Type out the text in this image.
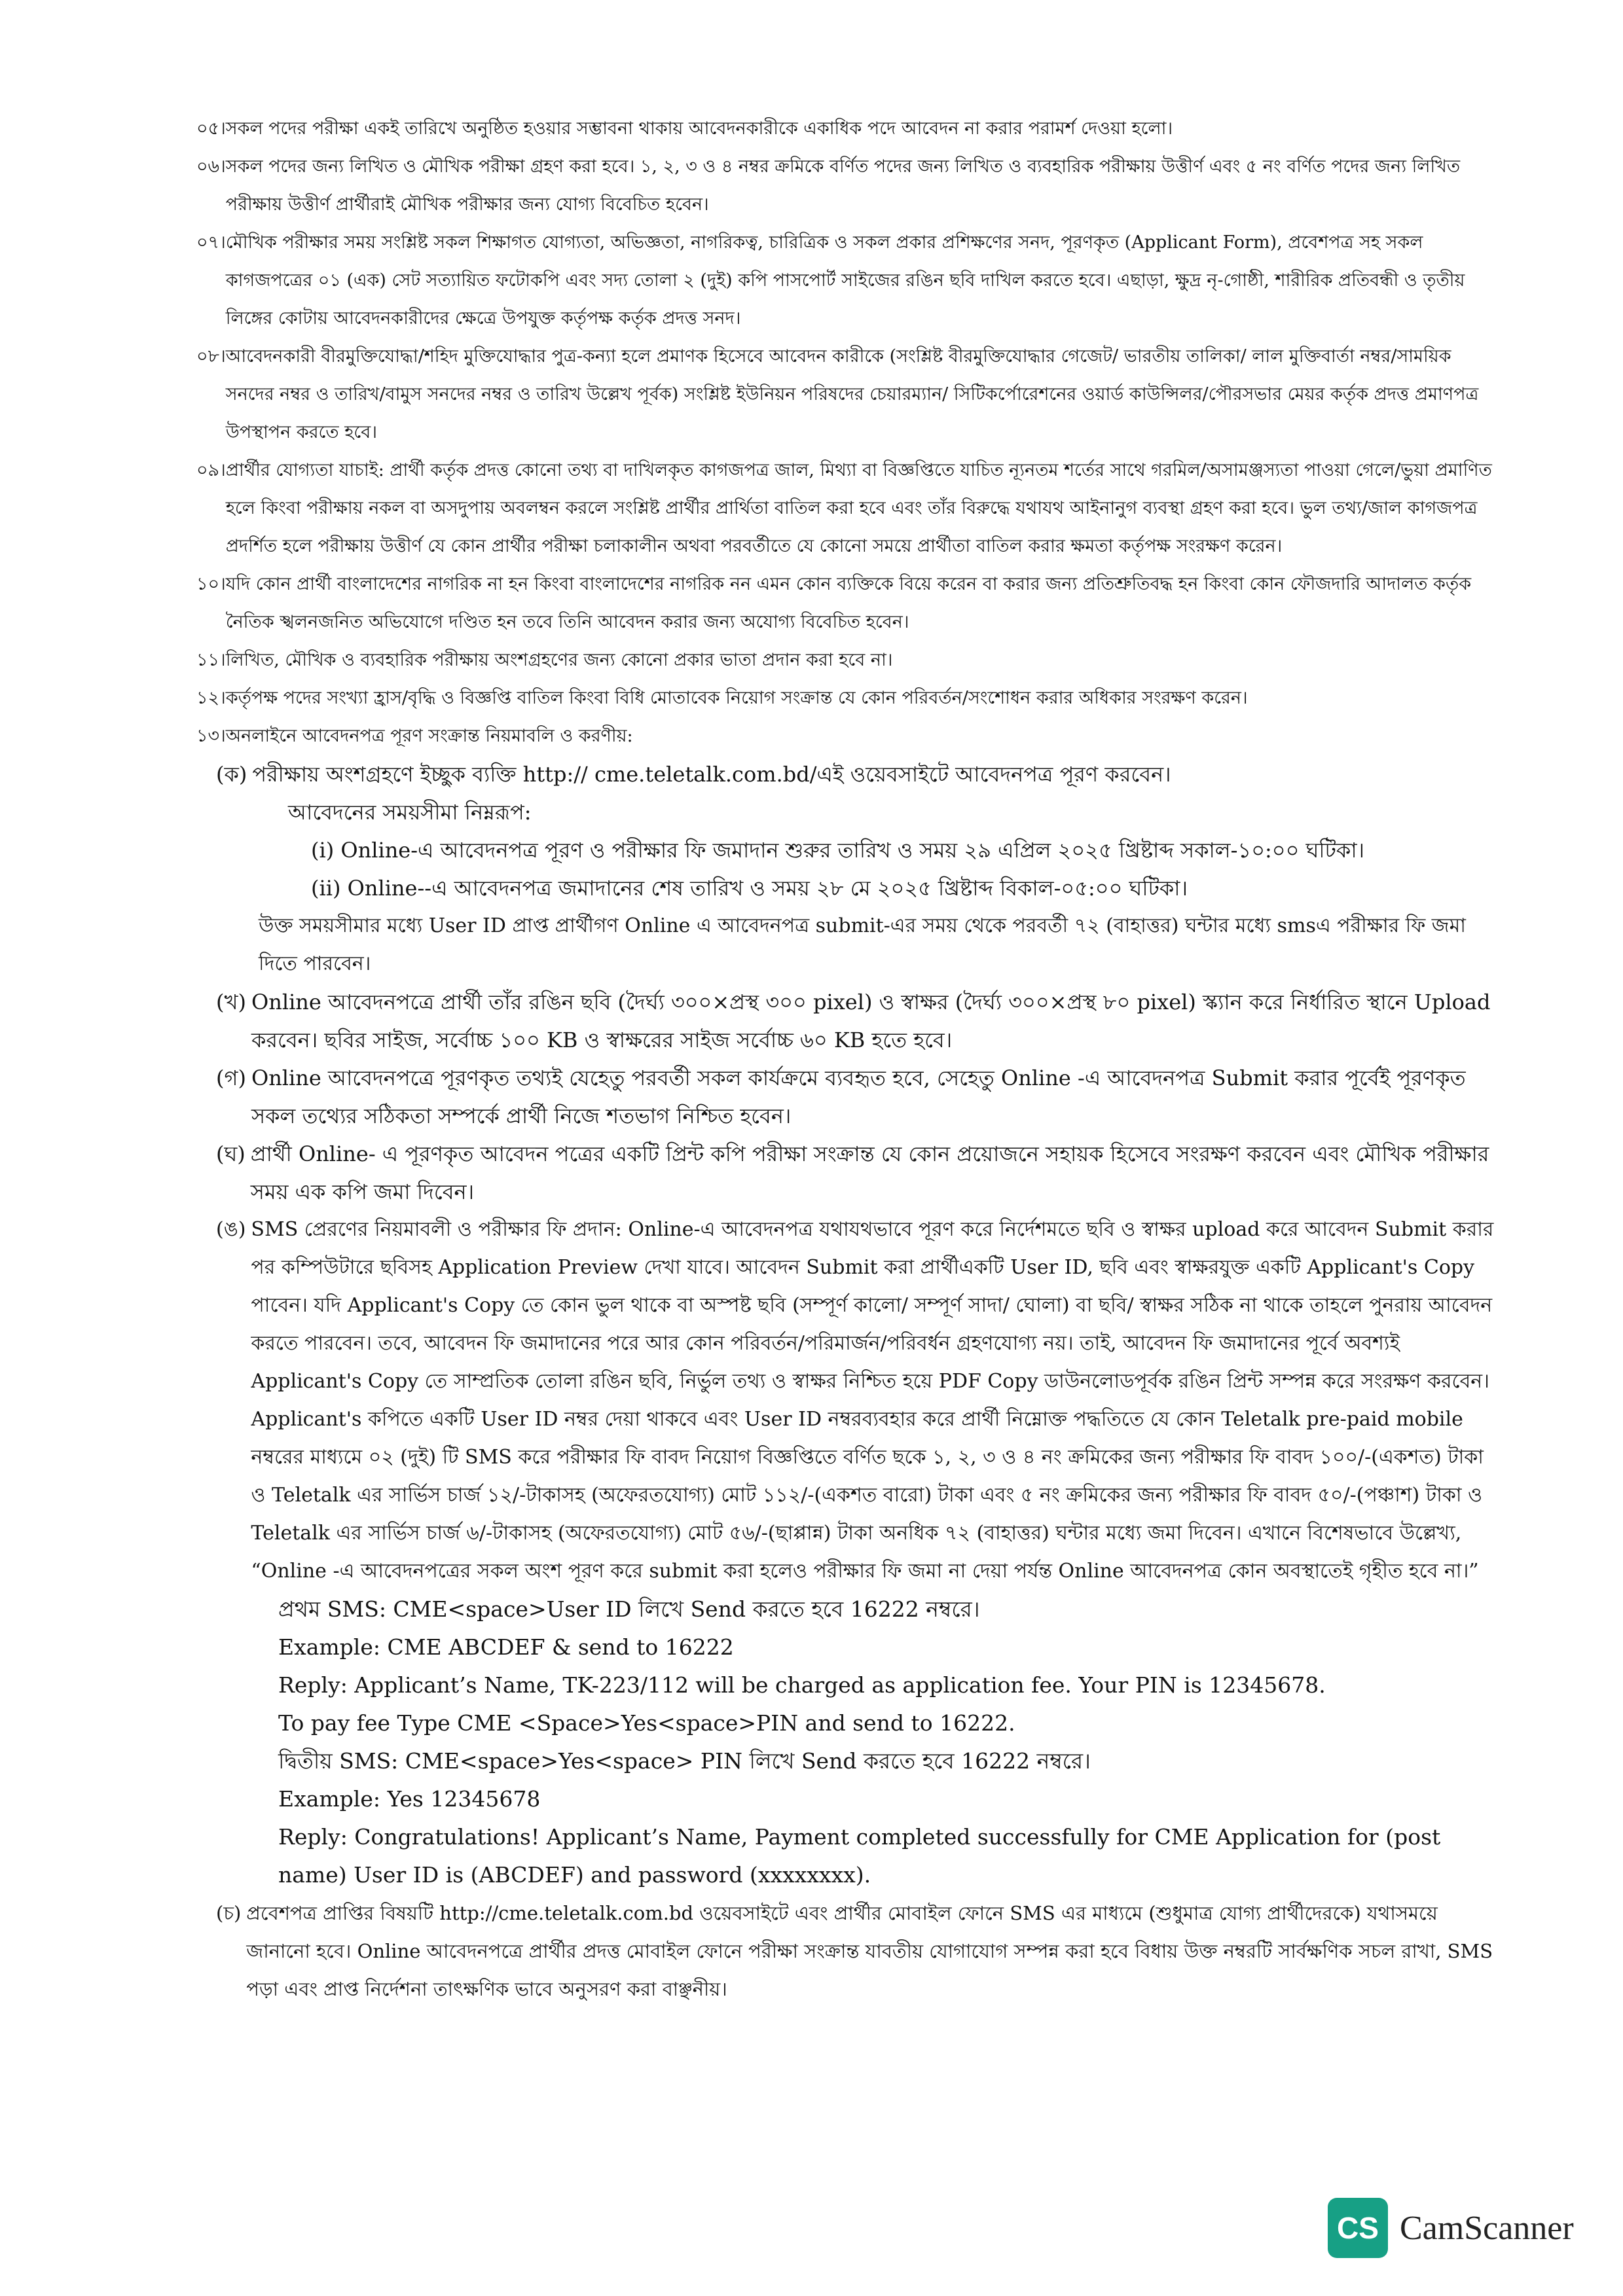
০৫। সকল পদের পরীক্ষা একই তারিখে অনুষ্ঠিত হওয়ার সম্ভাবনা থাকায় আবেদনকারীকে একাধিক পদে আবেদন না করার পরামর্শ দেওয়া হলো।
০৬। সকল পদের জন্য লিখিত ও মৌখিক পরীক্ষা গ্রহণ করা হবে। ১, ২, ৩ ও ৪ নম্বর ক্রমিকে বর্ণিত পদের জন্য লিখিত ও ব্যবহারিক পরীক্ষায় উত্তীর্ণ এবং ৫ নং বর্ণিত পদের জন্য লিখিত পরীক্ষায় উত্তীর্ণ প্রার্থীরাই মৌখিক পরীক্ষার জন্য যোগ্য বিবেচিত হবেন।
০৭। মৌখিক পরীক্ষার সময় সংশ্লিষ্ট সকল শিক্ষাগত যোগ্যতা, অভিজ্ঞতা, নাগরিকত্ব, চারিত্রিক ও সকল প্রকার প্রশিক্ষণের সনদ, পূরণকৃত (Applicant Form), প্রবেশপত্র সহ সকল কাগজপত্রের ০১ (এক) সেট সত্যায়িত ফটোকপি এবং সদ্য তোলা ২ (দুই) কপি পাসপোর্ট সাইজের রঙিন ছবি দাখিল করতে হবে। এছাড়া, ক্ষুদ্র নৃ-গোষ্ঠী, শারীরিক প্রতিবন্ধী ও তৃতীয় লিঙ্গের কোটায় আবেদনকারীদের ক্ষেত্রে উপযুক্ত কর্তৃপক্ষ কর্তৃক প্রদত্ত সনদ।
০৮। আবেদনকারী বীরমুক্তিযোদ্ধা/শহিদ মুক্তিযোদ্ধার পুত্র-কন্যা হলে প্রমাণক হিসেবে আবেদন কারীকে (সংশ্লিষ্ট বীরমুক্তিযোদ্ধার গেজেট/ ভারতীয় তালিকা/ লাল মুক্তিবার্তা নম্বর/সাময়িক সনদের নম্বর ও তারিখ/বামুস সনদের নম্বর ও তারিখ উল্লেখ পূর্বক) সংশ্লিষ্ট ইউনিয়ন পরিষদের চেয়ারম্যান/ সিটিকর্পোরেশনের ওয়ার্ড কাউন্সিলর/পৌরসভার মেয়র কর্তৃক প্রদত্ত প্রমাণপত্র উপস্থাপন করতে হবে।
০৯। প্রার্থীর যোগ্যতা যাচাই: প্রার্থী কর্তৃক প্রদত্ত কোনো তথ্য বা দাখিলকৃত কাগজপত্র জাল, মিথ্যা বা বিজ্ঞপ্তিতে যাচিত ন্যূনতম শর্তের সাথে গরমিল/অসামঞ্জস্যতা পাওয়া গেলে/ভুয়া প্রমাণিত হলে কিংবা পরীক্ষায় নকল বা অসদুপায় অবলম্বন করলে সংশ্লিষ্ট প্রার্থীর প্রার্থিতা বাতিল করা হবে এবং তাঁর বিরুদ্ধে যথাযথ আইনানুগ ব্যবস্থা গ্রহণ করা হবে। ভুল তথ্য/জাল কাগজপত্র প্রদর্শিত হলে পরীক্ষায় উত্তীর্ণ যে কোন প্রার্থীর পরীক্ষা চলাকালীন অথবা পরবর্তীতে যে কোনো সময়ে প্রার্থীতা বাতিল করার ক্ষমতা কর্তৃপক্ষ সংরক্ষণ করেন।
১০। যদি কোন প্রার্থী বাংলাদেশের নাগরিক না হন কিংবা বাংলাদেশের নাগরিক নন এমন কোন ব্যক্তিকে বিয়ে করেন বা করার জন্য প্রতিশ্রুতিবদ্ধ হন কিংবা কোন ফৌজদারি আদালত কর্তৃক নৈতিক স্খলনজনিত অভিযোগে দণ্ডিত হন তবে তিনি আবেদন করার জন্য অযোগ্য বিবেচিত হবেন।
১১। লিখিত, মৌখিক ও ব্যবহারিক পরীক্ষায় অংশগ্রহণের জন্য কোনো প্রকার ভাতা প্রদান করা হবে না।
১২। কর্তৃপক্ষ পদের সংখ্যা হ্রাস/বৃদ্ধি ও বিজ্ঞপ্তি বাতিল কিংবা বিধি মোতাবেক নিয়োগ সংক্রান্ত যে কোন পরিবর্তন/সংশোধন করার অধিকার সংরক্ষণ করেন।
১৩। অনলাইনে আবেদনপত্র পূরণ সংক্রান্ত নিয়মাবলি ও করণীয়:
(ক) পরীক্ষায় অংশগ্রহণে ইচ্ছুক ব্যক্তি http:// cme.teletalk.com.bd/এই ওয়েবসাইটে আবেদনপত্র পূরণ করবেন।
আবেদনের সময়সীমা নিম্নরূপ:
(i) Online-এ আবেদনপত্র পূরণ ও পরীক্ষার ফি জমাদান শুরুর তারিখ ও সময় ২৯ এপ্রিল ২০২৫ খ্রিষ্টাব্দ সকাল-১০:০০ ঘটিকা।
(ii) Online--এ আবেদনপত্র জমাদানের শেষ তারিখ ও সময় ২৮ মে ২০২৫ খ্রিষ্টাব্দ বিকাল-০৫:০০ ঘটিকা।
উক্ত সময়সীমার মধ্যে User ID প্রাপ্ত প্রার্থীগণ Online এ আবেদনপত্র submit-এর সময় থেকে পরবর্তী ৭২ (বাহাত্তর) ঘন্টার মধ্যে smsএ পরীক্ষার ফি জমা দিতে পারবেন।
(খ) Online আবেদনপত্রে প্রার্থী তাঁর রঙিন ছবি (দৈর্ঘ্য ৩০০×প্রস্থ ৩০০ pixel) ও স্বাক্ষর (দৈর্ঘ্য ৩০০×প্রস্থ ৮০ pixel) স্ক্যান করে নির্ধারিত স্থানে Upload করবেন। ছবির সাইজ, সর্বোচ্চ ১০০ KB ও স্বাক্ষরের সাইজ সর্বোচ্চ ৬০ KB হতে হবে।
(গ) Online আবেদনপত্রে পূরণকৃত তথ্যই যেহেতু পরবর্তী সকল কার্যক্রমে ব্যবহৃত হবে, সেহেতু Online -এ আবেদনপত্র Submit করার পূর্বেই পূরণকৃত সকল তথ্যের সঠিকতা সম্পর্কে প্রার্থী নিজে শতভাগ নিশ্চিত হবেন।
(ঘ) প্রার্থী Online- এ পূরণকৃত আবেদন পত্রের একটি প্রিন্ট কপি পরীক্ষা সংক্রান্ত যে কোন প্রয়োজনে সহায়ক হিসেবে সংরক্ষণ করবেন এবং মৌখিক পরীক্ষার সময় এক কপি জমা দিবেন।
(ঙ) SMS প্রেরণের নিয়মাবলী ও পরীক্ষার ফি প্রদান: Online-এ আবেদনপত্র যথাযথভাবে পূরণ করে নির্দেশমতে ছবি ও স্বাক্ষর upload করে আবেদন Submit করার পর কম্পিউটারে ছবিসহ Application Preview দেখা যাবে। আবেদন Submit করা প্রার্থীএকটি User ID, ছবি এবং স্বাক্ষরযুক্ত একটি Applicant's Copy পাবেন। যদি Applicant's Copy তে কোন ভুল থাকে বা অস্পষ্ট ছবি (সম্পূর্ণ কালো/ সম্পূর্ণ সাদা/ ঘোলা) বা ছবি/ স্বাক্ষর সঠিক না থাকে তাহলে পুনরায় আবেদন করতে পারবেন। তবে, আবেদন ফি জমাদানের পরে আর কোন পরিবর্তন/পরিমার্জন/পরিবর্ধন গ্রহণযোগ্য নয়। তাই, আবেদন ফি জমাদানের পূর্বে অবশ্যই Applicant's Copy তে সাম্প্রতিক তোলা রঙিন ছবি, নির্ভুল তথ্য ও স্বাক্ষর নিশ্চিত হয়ে PDF Copy ডাউনলোডপূর্বক রঙিন প্রিন্ট সম্পন্ন করে সংরক্ষণ করবেন। Applicant's কপিতে একটি User ID নম্বর দেয়া থাকবে এবং User ID নম্বরব্যবহার করে প্রার্থী নিম্নোক্ত পদ্ধতিতে যে কোন Teletalk pre-paid mobile নম্বরের মাধ্যমে ০২ (দুই) টি SMS করে পরীক্ষার ফি বাবদ নিয়োগ বিজ্ঞপ্তিতে বর্ণিত ছকে ১, ২, ৩ ও ৪ নং ক্রমিকের জন্য পরীক্ষার ফি বাবদ ১০০/-(একশত) টাকা ও Teletalk এর সার্ভিস চার্জ ১২/-টাকাসহ (অফেরতযোগ্য) মোট ১১২/-(একশত বারো) টাকা এবং ৫ নং ক্রমিকের জন্য পরীক্ষার ফি বাবদ ৫০/-(পঞ্চাশ) টাকা ও Teletalk এর সার্ভিস চার্জ ৬/-টাকাসহ (অফেরতযোগ্য) মোট ৫৬/-(ছাপ্পান্ন) টাকা অনধিক ৭২ (বাহাত্তর) ঘন্টার মধ্যে জমা দিবেন। এখানে বিশেষভাবে উল্লেখ্য, “Online -এ আবেদনপত্রের সকল অংশ পূরণ করে submit করা হলেও পরীক্ষার ফি জমা না দেয়া পর্যন্ত Online আবেদনপত্র কোন অবস্থাতেই গৃহীত হবে না।”
প্রথম SMS: CME<space>User ID লিখে Send করতে হবে 16222 নম্বরে।
Example: CME ABCDEF & send to 16222
Reply: Applicant’s Name, TK-223/112 will be charged as application fee. Your PIN is 12345678.
To pay fee Type CME <Space>Yes<space>PIN and send to 16222.
দ্বিতীয় SMS: CME<space>Yes<space> PIN লিখে Send করতে হবে 16222 নম্বরে।
Example: Yes 12345678
Reply: Congratulations! Applicant’s Name, Payment completed successfully for CME Application for (post name) User ID is (ABCDEF) and password (xxxxxxxx).
(চ) প্রবেশপত্র প্রাপ্তির বিষয়টি http://cme.teletalk.com.bd ওয়েবসাইটে এবং প্রার্থীর মোবাইল ফোনে SMS এর মাধ্যমে (শুধুমাত্র যোগ্য প্রার্থীদেরকে) যথাসময়ে জানানো হবে। Online আবেদনপত্রে প্রার্থীর প্রদত্ত মোবাইল ফোনে পরীক্ষা সংক্রান্ত যাবতীয় যোগাযোগ সম্পন্ন করা হবে বিধায় উক্ত নম্বরটি সার্বক্ষণিক সচল রাখা, SMS পড়া এবং প্রাপ্ত নির্দেশনা তাৎক্ষণিক ভাবে অনুসরণ করা বাঞ্ছনীয়।
CS CamScanner
